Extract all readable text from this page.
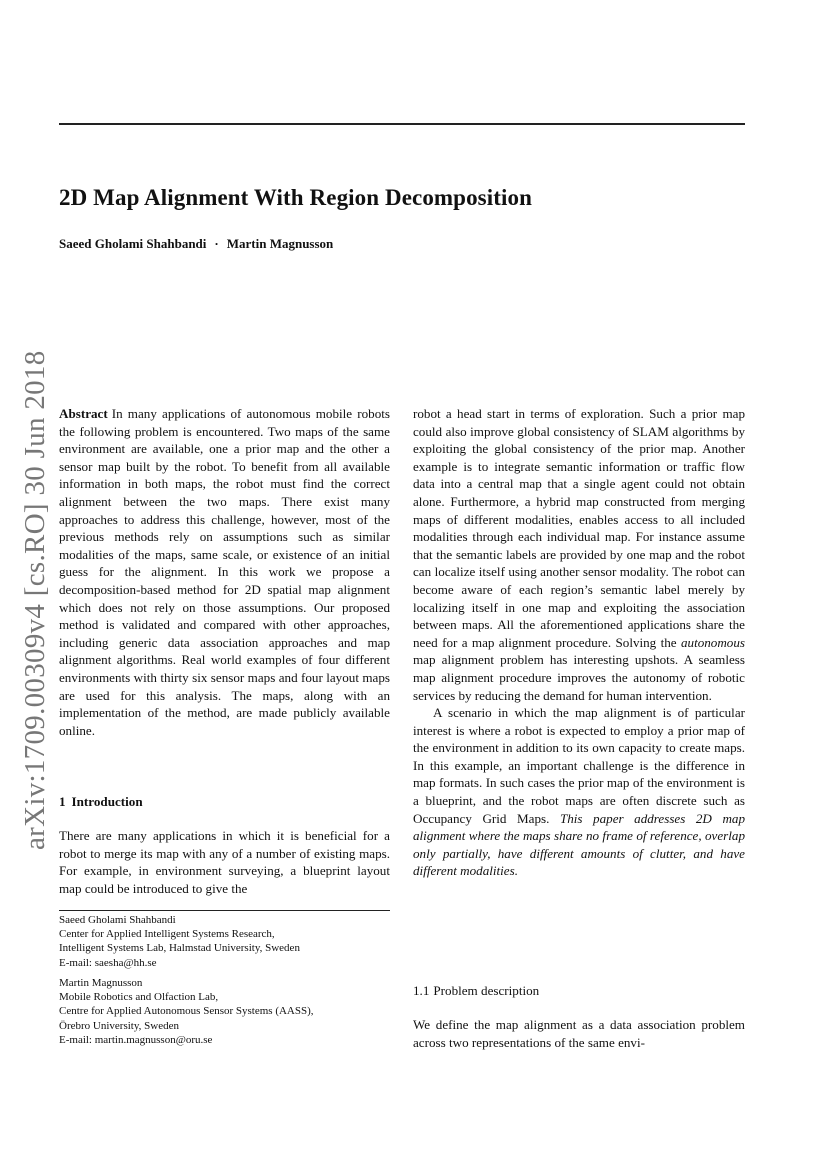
arXiv:1709.00309v4 [cs.RO] 30 Jun 2018
2D Map Alignment With Region Decomposition
Saeed Gholami Shahbandi · Martin Magnusson

Abstract In many applications of autonomous mobile robots the following problem is encountered. Two maps of the same environment are available, one a prior map and the other a sensor map built by the robot. To benefit from all available information in both maps, the robot must find the correct alignment between the two maps. There exist many approaches to address this challenge, however, most of the previous methods rely on assumptions such as similar modalities of the maps, same scale, or existence of an initial guess for the alignment. In this work we propose a decomposition-based method for 2D spatial map alignment which does not rely on those assumptions. Our proposed method is validated and compared with other approaches, including generic data association approaches and map alignment algorithms. Real world examples of four different environments with thirty six sensor maps and four layout maps are used for this analysis. The maps, along with an implementation of the method, are made publicly available online.

1 Introduction

There are many applications in which it is beneficial for a robot to merge its map with any of a number of existing maps. For example, in environment surveying, a blueprint layout map could be introduced to give the

Saeed Gholami Shahbandi
Center for Applied Intelligent Systems Research,
Intelligent Systems Lab, Halmstad University, Sweden
E-mail: saesha@hh.se
Martin Magnusson
Mobile Robotics and Olfaction Lab,
Centre for Applied Autonomous Sensor Systems (AASS),
Örebro University, Sweden
E-mail: martin.magnusson@oru.se

robot a head start in terms of exploration. Such a prior map could also improve global consistency of SLAM algorithms by exploiting the global consistency of the prior map. Another example is to integrate semantic information or traffic flow data into a central map that a single agent could not obtain alone. Furthermore, a hybrid map constructed from merging maps of different modalities, enables access to all included modalities through each individual map. For instance assume that the semantic labels are provided by one map and the robot can localize itself using another sensor modality. The robot can become aware of each region’s semantic label merely by localizing itself in one map and exploiting the association between maps. All the aforementioned applications share the need for a map alignment procedure. Solving the autonomous map alignment problem has interesting upshots. A seamless map alignment procedure improves the autonomy of robotic services by reducing the demand for human intervention.

A scenario in which the map alignment is of particular interest is where a robot is expected to employ a prior map of the environment in addition to its own capacity to create maps. In this example, an important challenge is the difference in map formats. In such cases the prior map of the environment is a blueprint, and the robot maps are often discrete such as Occupancy Grid Maps. This paper addresses 2D map alignment where the maps share no frame of reference, overlap only partially, have different amounts of clutter, and have different modalities.

1.1 Problem description

We define the map alignment as a data association problem across two representations of the same envi-
